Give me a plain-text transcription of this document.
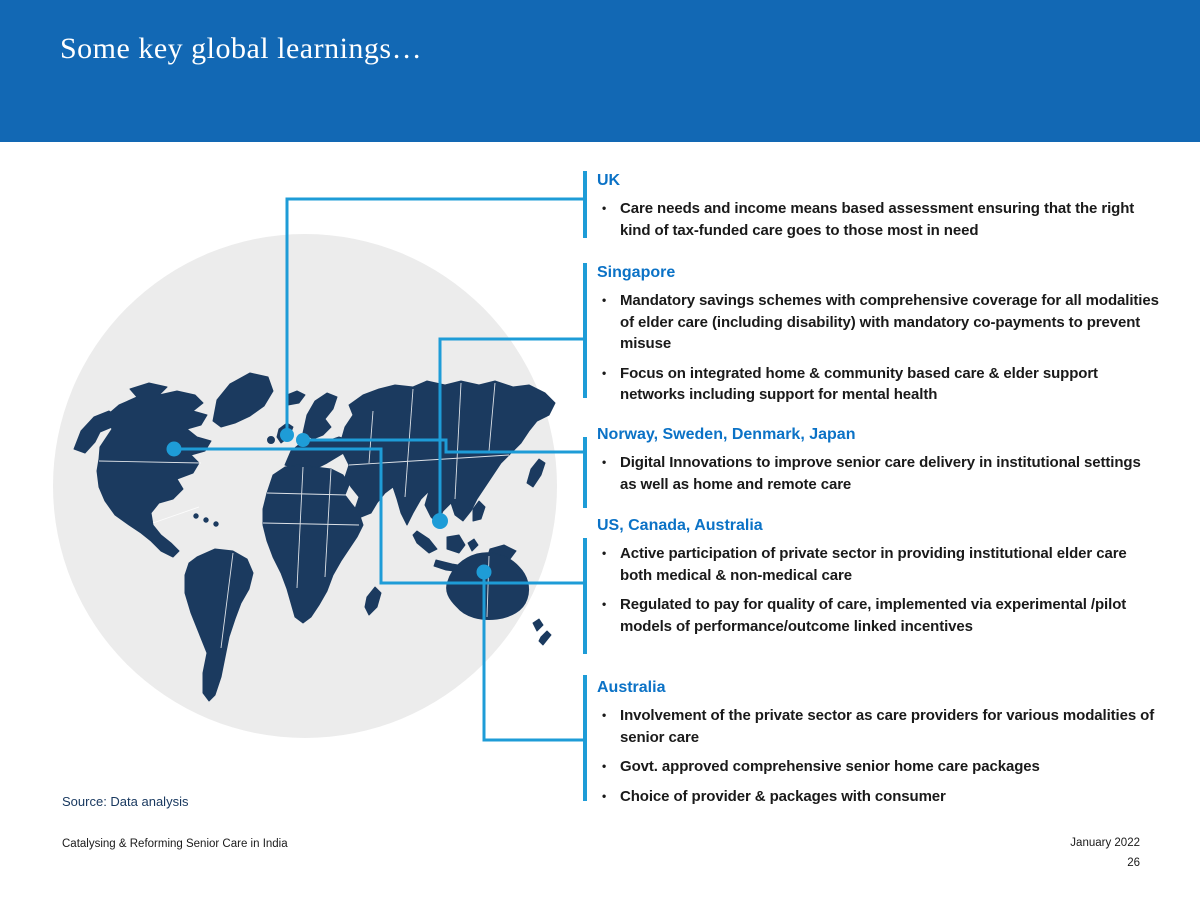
Some key global learnings…
UK
• Care needs and income means based assessment ensuring that the right kind of tax-funded care goes to those most in need
Singapore
• Mandatory savings schemes with comprehensive coverage for all modalities of elder care (including disability) with mandatory co-payments to prevent misuse
• Focus on integrated home & community based care & elder support networks including support for mental health
Norway, Sweden, Denmark, Japan
• Digital Innovations to improve senior care delivery in institutional settings as well as home and remote care
US, Canada, Australia
• Active participation of private sector in providing institutional elder care both medical & non-medical care
• Regulated to pay for quality of care, implemented via experimental /pilot models of performance/outcome linked incentives
Australia
• Involvement of the private sector as care providers for various modalities of senior care
• Govt. approved comprehensive senior home care packages
• Choice of provider & packages with consumer
Source: Data analysis
Catalysing & Reforming Senior Care in India	January 2022
26
